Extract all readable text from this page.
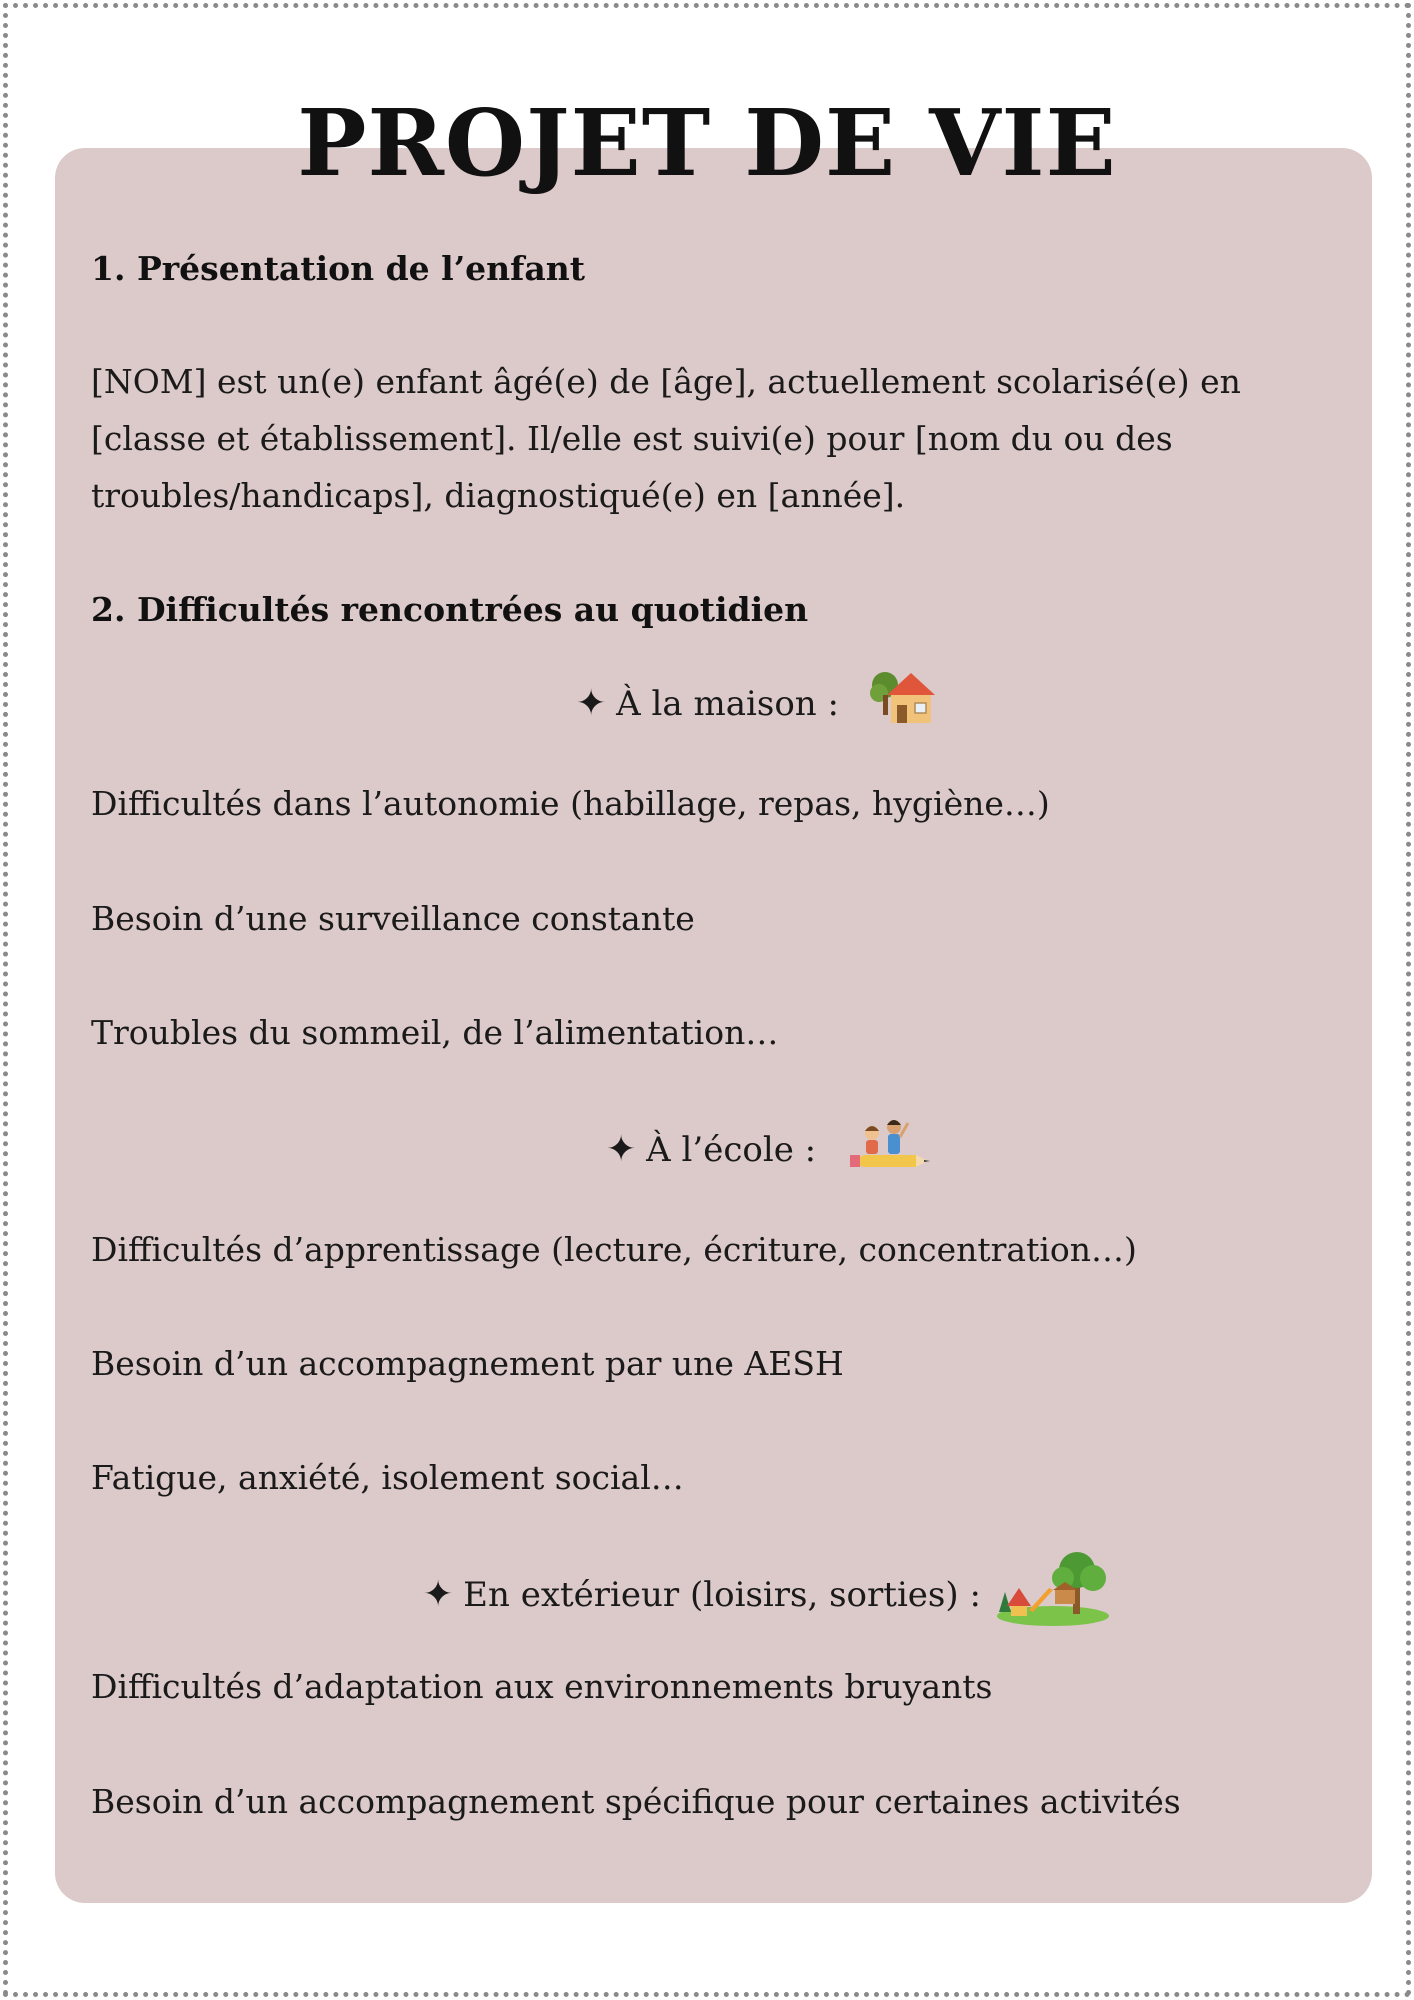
PROJET DE VIE
1. Présentation de l’enfant

[NOM] est un(e) enfant âgé(e) de [âge], actuellement scolarisé(e) en [classe et établissement]. Il/elle est suivi(e) pour [nom du ou des troubles/handicaps], diagnostiqué(e) en [année].

2. Difficultés rencontrées au quotidien
✦ À la maison :

Difficultés dans l’autonomie (habillage, repas, hygiène…)

Besoin d’une surveillance constante

Troubles du sommeil, de l’alimentation…

✦ À l’école :

Difficultés d’apprentissage (lecture, écriture, concentration…)

Besoin d’un accompagnement par une AESH

Fatigue, anxiété, isolement social…

✦ En extérieur (loisirs, sorties) :

Difficultés d’adaptation aux environnements bruyants

Besoin d’un accompagnement spécifique pour certaines activités
